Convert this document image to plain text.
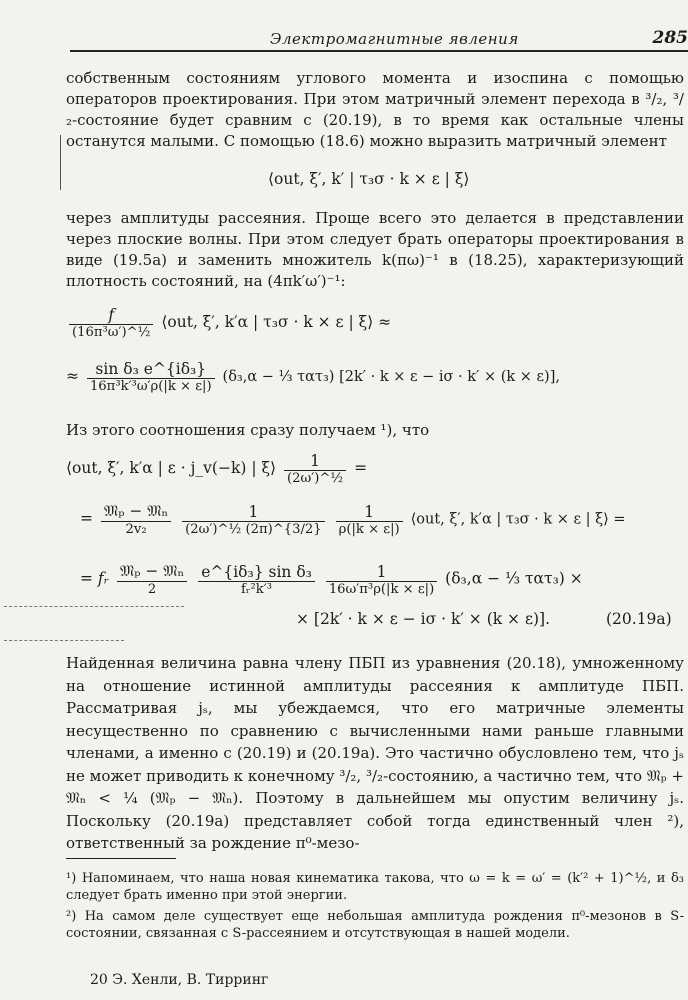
Электромагнитные явления	285
собственным состояниям углового момента и изоспина с помощью операторов проектирования. При этом матричный элемент перехода в ³/₂, ³/₂-состояние будет сравним с (20.19), в то время как остальные члены останутся малыми. С помощью (18.6) можно выразить матричный элемент
⟨out, ξ′, k′ | τ₃σ · k × ε | ξ⟩
через амплитуды рассеяния. Проще всего это делается в представлении через плоские волны. При этом следует брать операторы проектирования в виде (19.5а) и заменить множитель k(πω)⁻¹ в (18.25), характеризующий плотность состояний, на (4πk′ω′)⁻¹:
$\frac{f}{\text{(16π³ω′)\textasciicircum{}½}}$ ⟨out, ξ′, k′α | τ₃σ · k × ε | ξ⟩ ≈
≈ $\frac{\text{sin δ₃ e\textasciicircum{}\{iδ₃\}}}{\text{16π³k′³ω′ρ(|k × ε|)}} (\delta_3,\alpha$ − ⅓ τατ₃) [2k′ · k × ε − iσ · k′ × (k × ε)],
Из этого соотношения сразу получаем ¹), что
⟨out, ξ′, k′α | ε · j_v(−k) | ξ⟩ $\frac{1}{\text{(2ω′)\textasciicircum{}½}}$ =
= $\frac{\text{𝔐ₚ − 𝔐ₙ}}{\text{2v₂}}$
$\frac{1}{\text{(2ω′)\textasciicircum{}½ (2π)\textasciicircum{}\{3/2\}}}$
$\frac{1}{\rho(|k \times \varepsilon|)}$ ⟨out, ξ′, k′α | τ₃σ · k × ε | ξ⟩ =
= fᵣ $\frac{\text{𝔐ₚ − 𝔐ₙ}}{2}$
$\frac{\text{e\textasciicircum{}\{iδ₃\} sin δ₃}}{\text{fᵣ²k′³}}$
$\frac{1}{\text{16ω′π³ρ(|k × ε|)}} (\delta_3,\alpha$ − ⅓ τατ₃) ×
× [2k′ · k × ε − iσ · k′ × (k × ε)].	(20.19а)
Найденная величина равна члену ПБП из уравнения (20.18), умноженному на отношение истинной амплитуды рассеяния к амплитуде ПБП. Рассматривая jₛ, мы убеждаемся, что его матричные элементы несущественно по сравнению с вычисленными нами раньше главными членами, а именно с (20.19) и (20.19а). Это частично обусловлено тем, что jₛ не может приводить к конечному ³/₂, ³/₂-состоянию, а частично тем, что 𝔐ₚ + 𝔐ₙ < ¼ (𝔐ₚ − 𝔐ₙ). Поэтому в дальнейшем мы опустим величину jₛ. Поскольку (20.19а) представляет собой тогда единственный член ²), ответственный за рождение π⁰-мезо-
¹) Напоминаем, что наша новая кинематика такова, что ω = k = ω′ = (k′² + 1)^½, и δ₃ следует брать именно при этой энергии.
²) На самом деле существует еще небольшая амплитуда рождения π⁰-мезонов в S-состоянии, связанная с S-рассеянием и отсутствующая в нашей модели.
20 Э. Хенли, В. Тирринг
